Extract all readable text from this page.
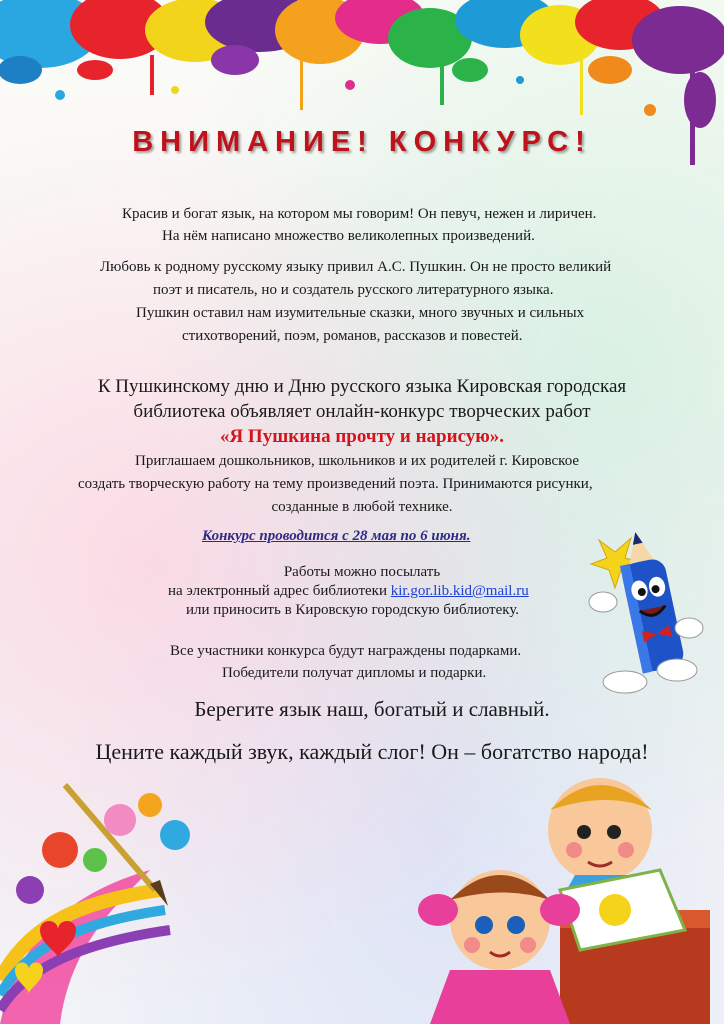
ВНИМАНИЕ! КОНКУРС!
Красив и богат язык, на котором мы говорим! Он певуч, нежен и лиричен.
На нём написано множество великолепных произведений.
Любовь к родному русскому языку привил А.С. Пушкин. Он не просто великий
поэт и писатель, но и создатель русского литературного языка.
Пушкин оставил нам изумительные сказки, много звучных и сильных
стихотворений, поэм, романов, рассказов и повестей.
К Пушкинскому дню и Дню русского языка Кировская городская
библиотека объявляет онлайн-конкурс творческих работ
«Я Пушкина прочту и нарисую».
Приглашаем дошкольников, школьников и их родителей г. Кировское
создать творческую работу на тему произведений поэта. Принимаются рисунки,
созданные в любой технике.
Конкурс проводится с 28 мая по 6 июня.
Работы можно посылать
на электронный адрес библиотеки kir.gor.lib.kid@mail.ru
или приносить в Кировскую городскую библиотеку.
Все участники конкурса будут награждены подарками.
Победители получат дипломы и подарки.
Берегите язык наш, богатый и славный.
Цените каждый звук, каждый слог! Он – богатство народа!
